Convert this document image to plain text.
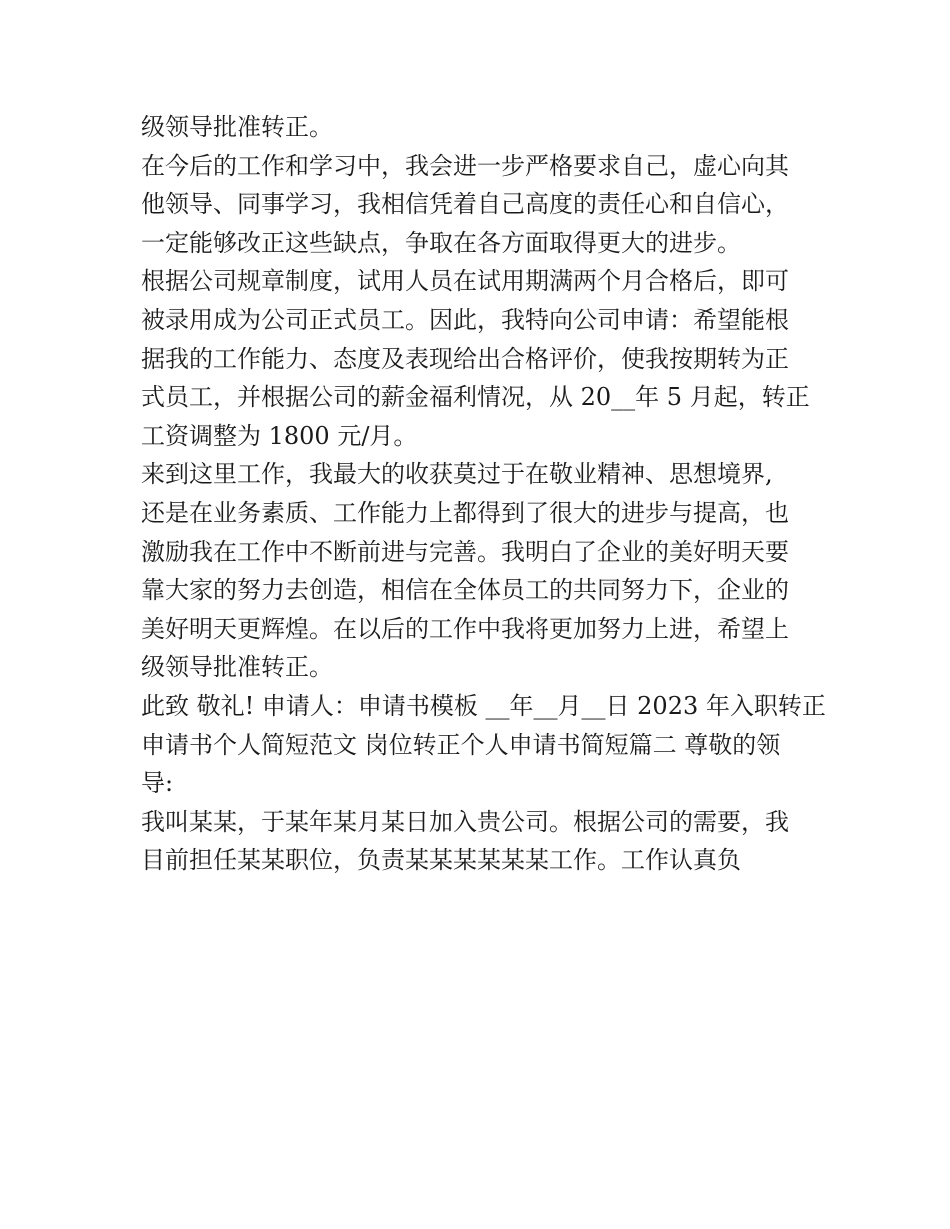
级领导批准转正。
在今后的工作和学习中，我会进一步严格要求自己，虚心向其
他领导、同事学习，我相信凭着自己高度的责任心和自信心，
一定能够改正这些缺点，争取在各方面取得更大的进步。
根据公司规章制度，试用人员在试用期满两个月合格后，即可
被录用成为公司正式员工。因此，我特向公司申请：希望能根
据我的工作能力、态度及表现给出合格评价，使我按期转为正
式员工，并根据公司的薪金福利情况，从 20__年 5 月起，转正
工资调整为 1800 元/月。
来到这里工作，我最大的收获莫过于在敬业精神、思想境界,
还是在业务素质、工作能力上都得到了很大的进步与提高，也
激励我在工作中不断前进与完善。我明白了企业的美好明天要
靠大家的努力去创造，相信在全体员工的共同努力下，企业的
美好明天更辉煌。在以后的工作中我将更加努力上进，希望上
级领导批准转正。
此致 敬礼! 申请人：申请书模板 __年__月__日 2023 年入职转正
申请书个人简短范文 岗位转正个人申请书简短篇二 尊敬的领
导:
我叫某某，于某年某月某日加入贵公司。根据公司的需要，我
目前担任某某职位，负责某某某某某某工作。工作认真负
